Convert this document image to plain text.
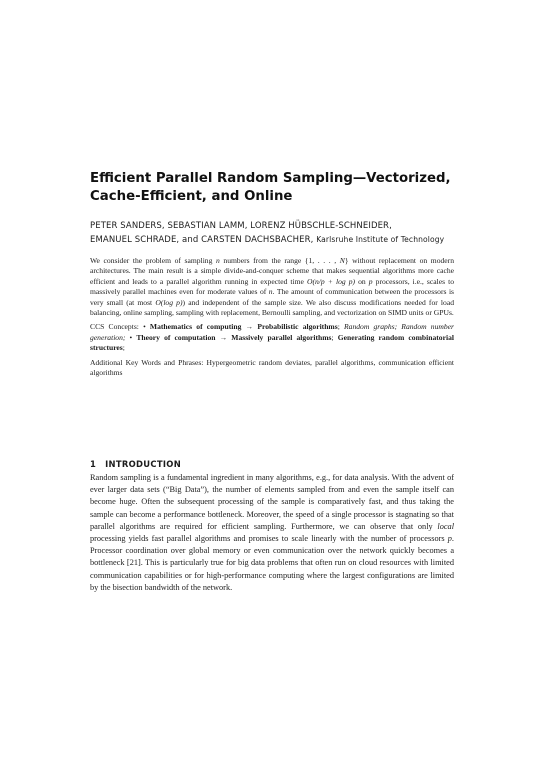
Efficient Parallel Random Sampling—Vectorized,
Cache-Efficient, and Online
PETER SANDERS, SEBASTIAN LAMM, LORENZ HÜBSCHLE-SCHNEIDER,
EMANUEL SCHRADE, and CARSTEN DACHSBACHER, Karlsruhe Institute of Technology

We consider the problem of sampling n numbers from the range {1, . . . , N} without replacement on modern architectures. The main result is a simple divide-and-conquer scheme that makes sequential algorithms more cache efficient and leads to a parallel algorithm running in expected time O(n/p + log p) on p processors, i.e., scales to massively parallel machines even for moderate values of n. The amount of communication between the processors is very small (at most O(log p)) and independent of the sample size. We also discuss modifications needed for load balancing, online sampling, sampling with replacement, Bernoulli sampling, and vectorization on SIMD units or GPUs.

CCS Concepts: • Mathematics of computing → Probabilistic algorithms; Random graphs; Random number generation; • Theory of computation → Massively parallel algorithms; Generating random combinatorial structures;

Additional Key Words and Phrases: Hypergeometric random deviates, parallel algorithms, communication efficient algorithms

1 INTRODUCTION

Random sampling is a fundamental ingredient in many algorithms, e.g., for data analysis. With the advent of ever larger data sets (“Big Data”), the number of elements sampled from and even the sample itself can become huge. Often the subsequent processing of the sample is comparatively fast, and thus taking the sample can become a performance bottleneck. Moreover, the speed of a single processor is stagnating so that parallel algorithms are required for efficient sampling. Furthermore, we can observe that only local processing yields fast parallel algorithms and promises to scale linearly with the number of processors p. Processor coordination over global memory or even communication over the network quickly becomes a bottleneck [21]. This is particularly true for big data problems that often run on cloud resources with limited communication capabilities or for high-performance computing where the largest configurations are limited by the bisection bandwidth of the network.
